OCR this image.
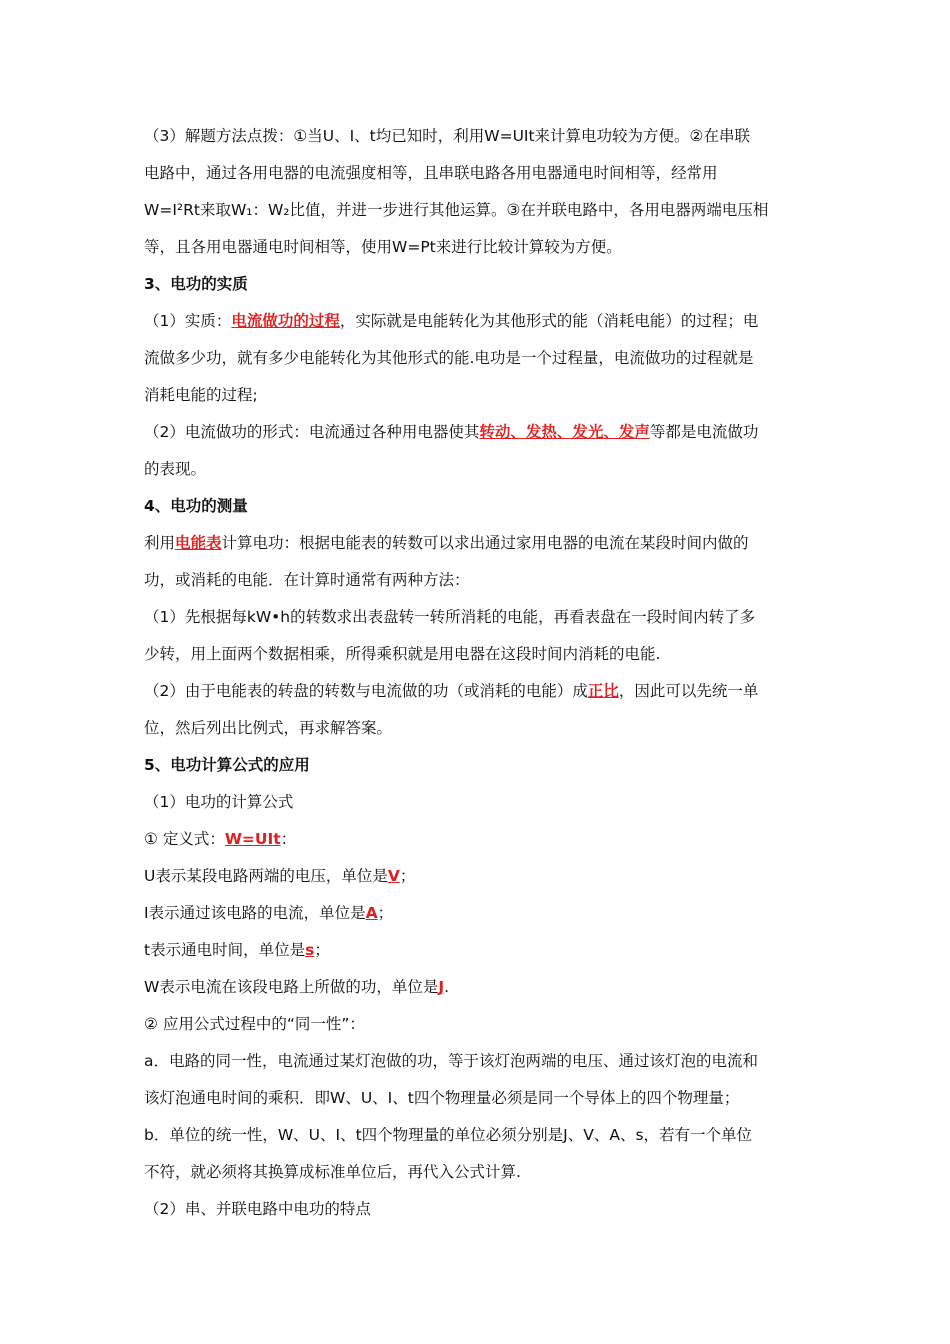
（3）解题方法点拨：①当U、I、t均已知时，利用W=UIt来计算电功较为方便。②在串联
电路中，通过各用电器的电流强度相等，且串联电路各用电器通电时间相等，经常用
W=I²Rt来取W₁：W₂比值，并进一步进行其他运算。③在并联电路中，各用电器两端电压相
等，且各用电器通电时间相等，使用W=Pt来进行比较计算较为方便。
3、电功的实质
（1）实质：电流做功的过程，实际就是电能转化为其他形式的能（消耗电能）的过程；电
流做多少功，就有多少电能转化为其他形式的能.电功是一个过程量，电流做功的过程就是
消耗电能的过程;
（2）电流做功的形式：电流通过各种用电器使其转动、发热、发光、发声等都是电流做功
的表现。
4、电功的测量
利用电能表计算电功：根据电能表的转数可以求出通过家用电器的电流在某段时间内做的
功，或消耗的电能．在计算时通常有两种方法：
（1）先根据每kW•h的转数求出表盘转一转所消耗的电能，再看表盘在一段时间内转了多
少转，用上面两个数据相乘，所得乘积就是用电器在这段时间内消耗的电能.
（2）由于电能表的转盘的转数与电流做的功（或消耗的电能）成正比，因此可以先统一单
位，然后列出比例式，再求解答案。
5、电功计算公式的应用
（1）电功的计算公式
① 定义式：W=UIt：
U表示某段电路两端的电压，单位是V；
I表示通过该电路的电流，单位是A；
t表示通电时间，单位是s；
W表示电流在该段电路上所做的功，单位是J.
② 应用公式过程中的“同一性”：
a．电路的同一性，电流通过某灯泡做的功，等于该灯泡两端的电压、通过该灯泡的电流和
该灯泡通电时间的乘积．即W、U、I、t四个物理量必须是同一个导体上的四个物理量；
b．单位的统一性，W、U、I、t四个物理量的单位必须分别是J、V、A、s，若有一个单位
不符，就必须将其换算成标准单位后，再代入公式计算.
（2）串、并联电路中电功的特点
